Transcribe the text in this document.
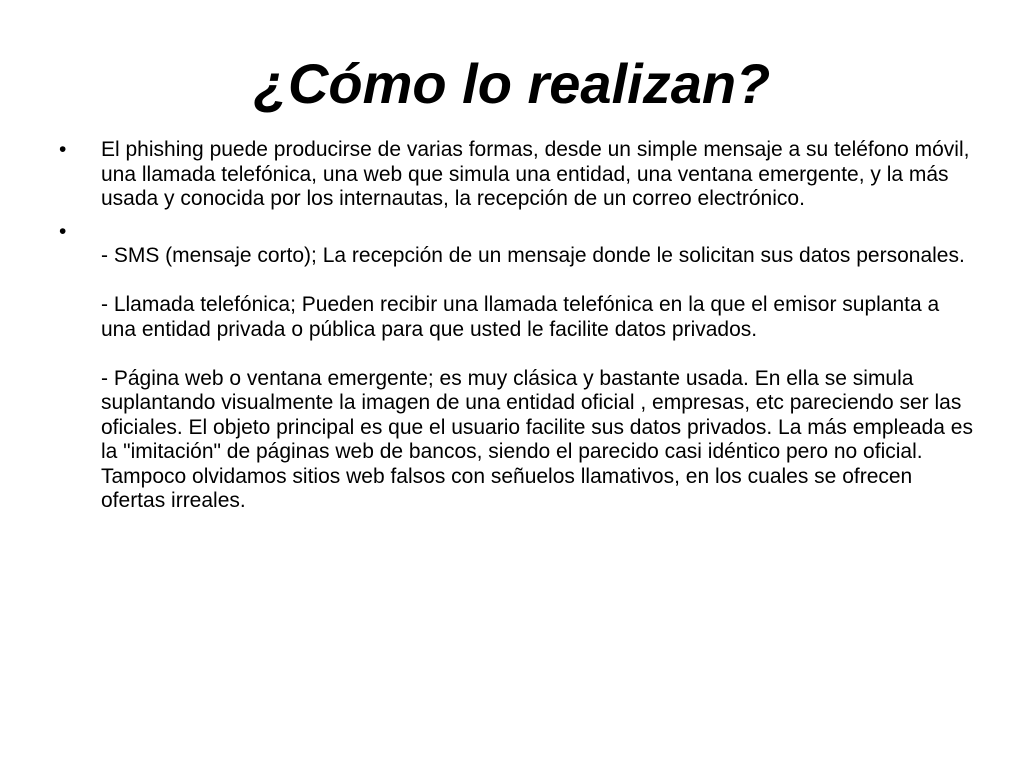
¿Cómo lo realizan?
• El phishing puede producirse de varias formas, desde un simple mensaje a su teléfono móvil, una llamada telefónica, una web que simula una entidad, una ventana emergente, y la más usada y conocida por los internautas, la recepción de un correo electrónico.
•
- SMS (mensaje corto); La recepción de un mensaje donde le solicitan sus datos personales.
- Llamada telefónica; Pueden recibir una llamada telefónica en la que el emisor suplanta a una entidad privada o pública para que usted le facilite datos privados.
- Página web o ventana emergente; es muy clásica y bastante usada. En ella se simula suplantando visualmente la imagen de una entidad oficial , empresas, etc pareciendo ser las oficiales. El objeto principal es que el usuario facilite sus datos privados. La más empleada es la "imitación" de páginas web de bancos, siendo el parecido casi idéntico pero no oficial. Tampoco olvidamos sitios web falsos con señuelos llamativos, en los cuales se ofrecen ofertas irreales.
